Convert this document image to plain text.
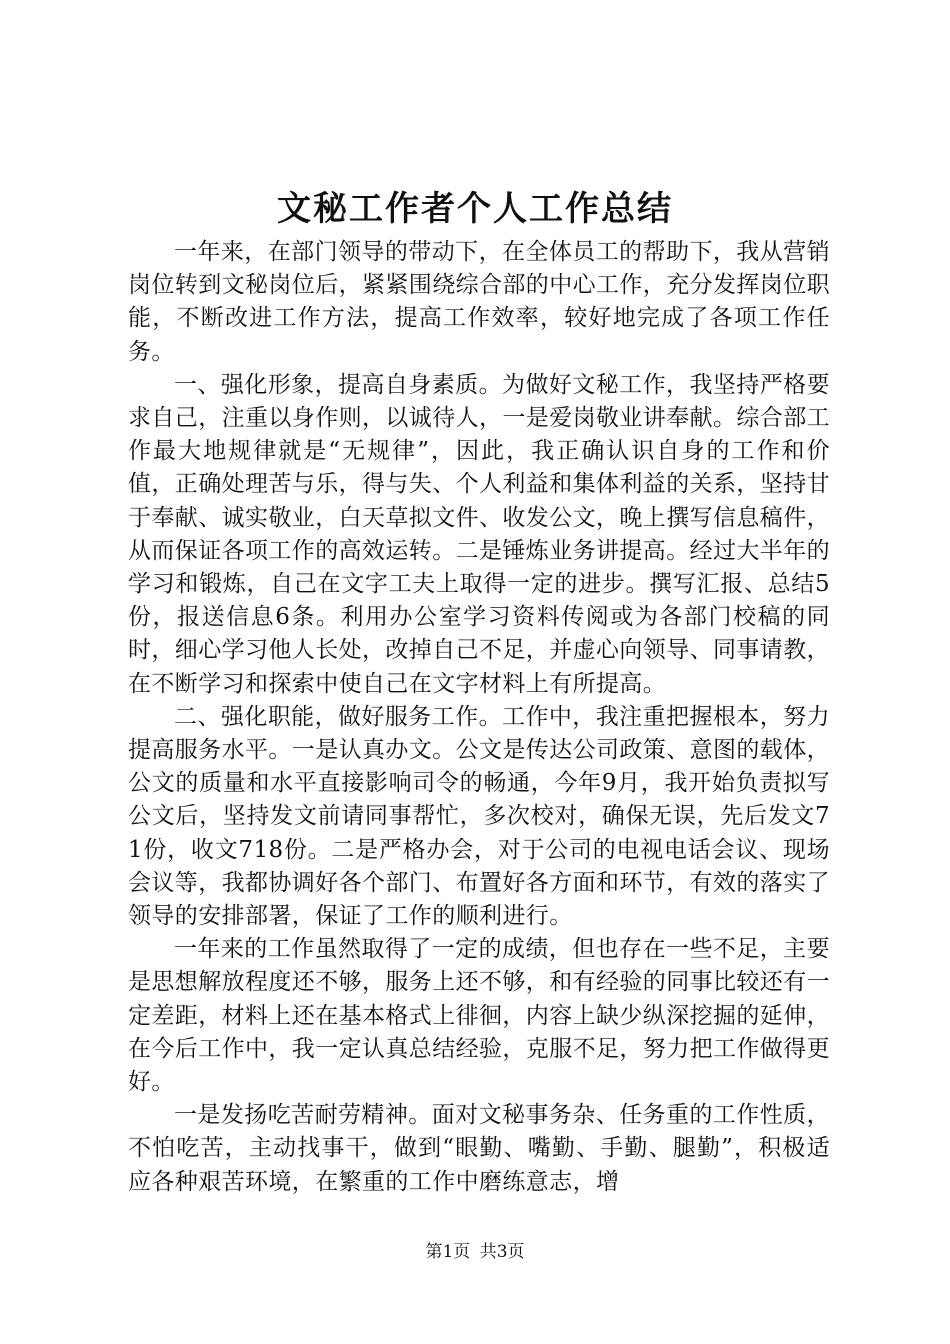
文秘工作者个人工作总结

一年来，在部门领导的带动下，在全体员工的帮助下，我从营销岗位转到文秘岗位后，紧紧围绕综合部的中心工作，充分发挥岗位职能，不断改进工作方法，提高工作效率，较好地完成了各项工作任务。

一、强化形象，提高自身素质。为做好文秘工作，我坚持严格要求自己，注重以身作则，以诚待人，一是爱岗敬业讲奉献。综合部工作最大地规律就是“无规律”，因此，我正确认识自身的工作和价值，正确处理苦与乐，得与失、个人利益和集体利益的关系，坚持甘于奉献、诚实敬业，白天草拟文件、收发公文，晚上撰写信息稿件，从而保证各项工作的高效运转。二是锤炼业务讲提高。经过大半年的学习和锻炼，自己在文字工夫上取得一定的进步。撰写汇报、总结5份，报送信息6条。利用办公室学习资料传阅或为各部门校稿的同时，细心学习他人长处，改掉自己不足，并虚心向领导、同事请教，在不断学习和探索中使自己在文字材料上有所提高。

二、强化职能，做好服务工作。工作中，我注重把握根本，努力提高服务水平。一是认真办文。公文是传达公司政策、意图的载体，公文的质量和水平直接影响司令的畅通，今年9月，我开始负责拟写公文后，坚持发文前请同事帮忙，多次校对，确保无误，先后发文71份，收文718份。二是严格办会，对于公司的电视电话会议、现场会议等，我都协调好各个部门、布置好各方面和环节，有效的落实了领导的安排部署，保证了工作的顺利进行。

一年来的工作虽然取得了一定的成绩，但也存在一些不足，主要是思想解放程度还不够，服务上还不够，和有经验的同事比较还有一定差距，材料上还在基本格式上徘徊，内容上缺少纵深挖掘的延伸，在今后工作中，我一定认真总结经验，克服不足，努力把工作做得更好。

一是发扬吃苦耐劳精神。面对文秘事务杂、任务重的工作性质，不怕吃苦，主动找事干，做到“眼勤、嘴勤、手勤、腿勤”，积极适应各种艰苦环境，在繁重的工作中磨练意志，增

第1页 共3页
